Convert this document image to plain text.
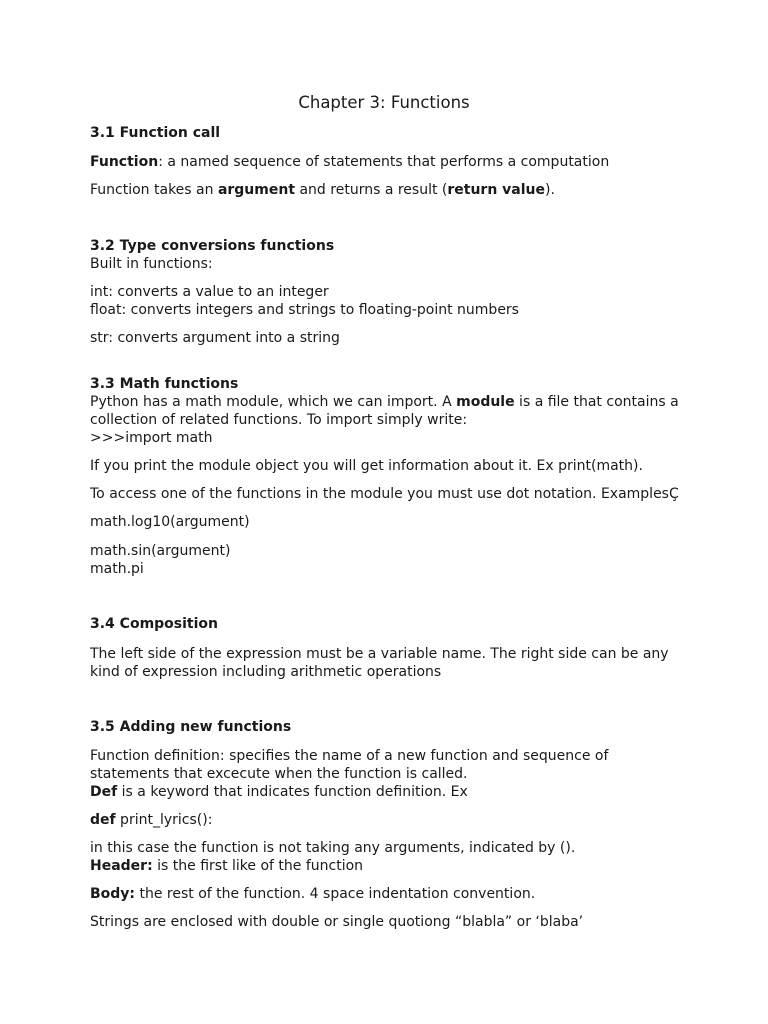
Chapter 3: Functions

3.1 Function call

Function: a named sequence of statements that performs a computation

Function takes an argument and returns a result (return value).

3.2 Type conversions functions

Built in functions:

int: converts a value to an integer

float: converts integers and strings to floating-point numbers

str: converts argument into a string

3.3 Math functions

Python has a math module, which we can import. A module is a file that contains a

collection of related functions. To import simply write:

>>>import math

If you print the module object you will get information about it. Ex print(math).

To access one of the functions in the module you must use dot notation. ExamplesÇ

math.log10(argument)

math.sin(argument)

math.pi

3.4 Composition

The left side of the expression must be a variable name. The right side can be any

kind of expression including arithmetic operations

3.5 Adding new functions

Function definition: specifies the name of a new function and sequence of

statements that excecute when the function is called.

Def is a keyword that indicates function definition. Ex

def print_lyrics():

in this case the function is not taking any arguments, indicated by ().

Header: is the first like of the function

Body: the rest of the function. 4 space indentation convention.

Strings are enclosed with double or single quotiong “blabla” or ‘blaba’
